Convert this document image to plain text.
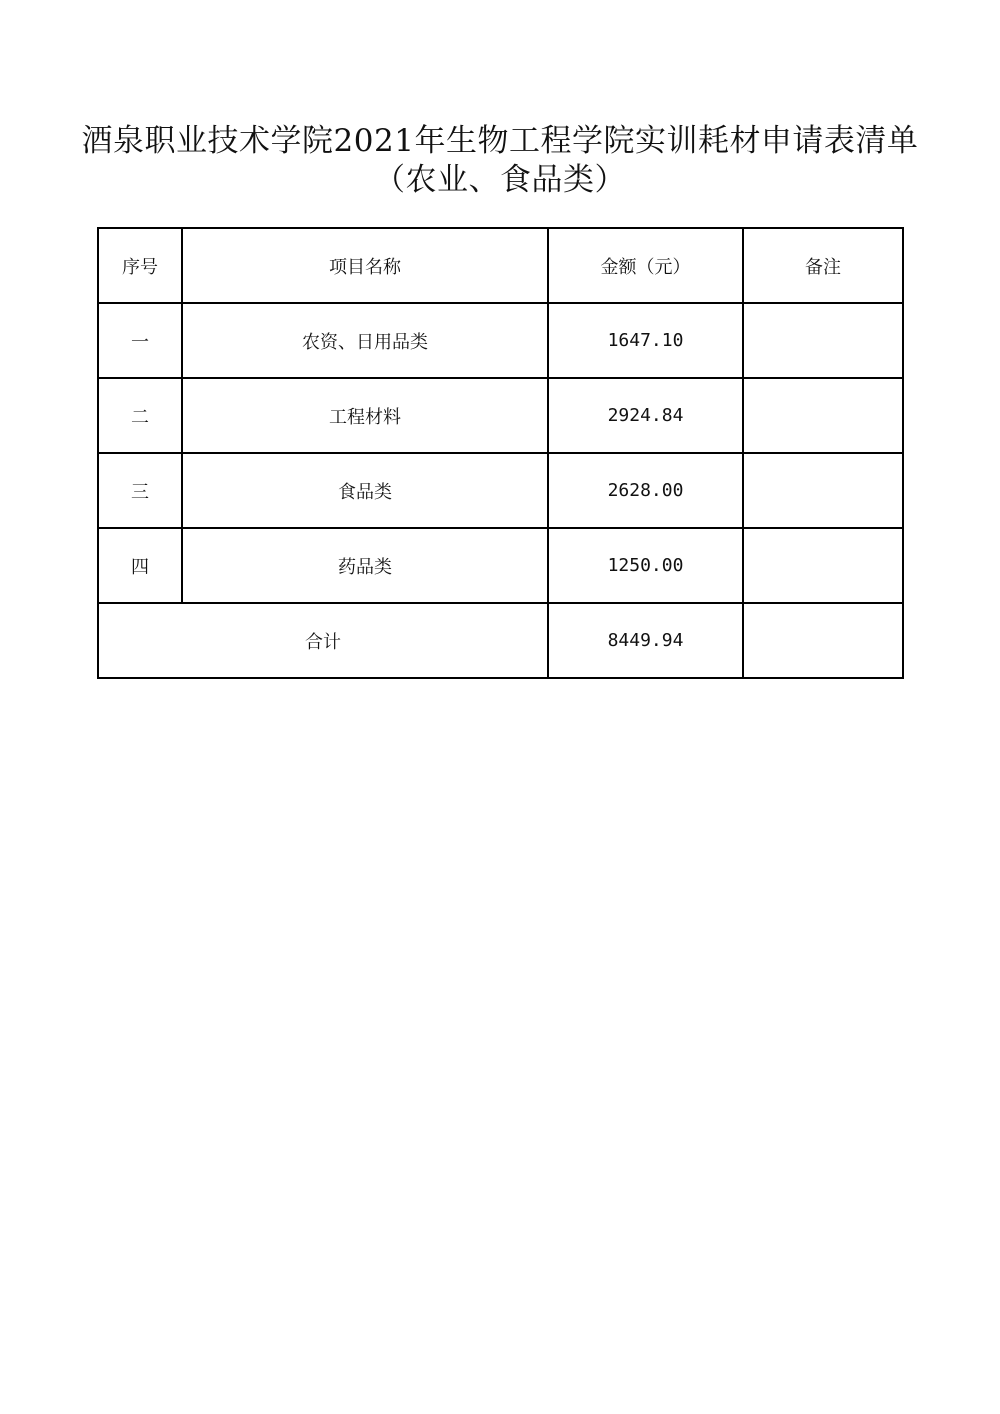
酒泉职业技术学院2021年生物工程学院实训耗材申请表清单
（农业、食品类）
序号	项目名称	金额（元）	备注
一	农资、日用品类	1647.10	
二	工程材料	2924.84	
三	食品类	2628.00	
四	药品类	1250.00	
合计		8449.94	
